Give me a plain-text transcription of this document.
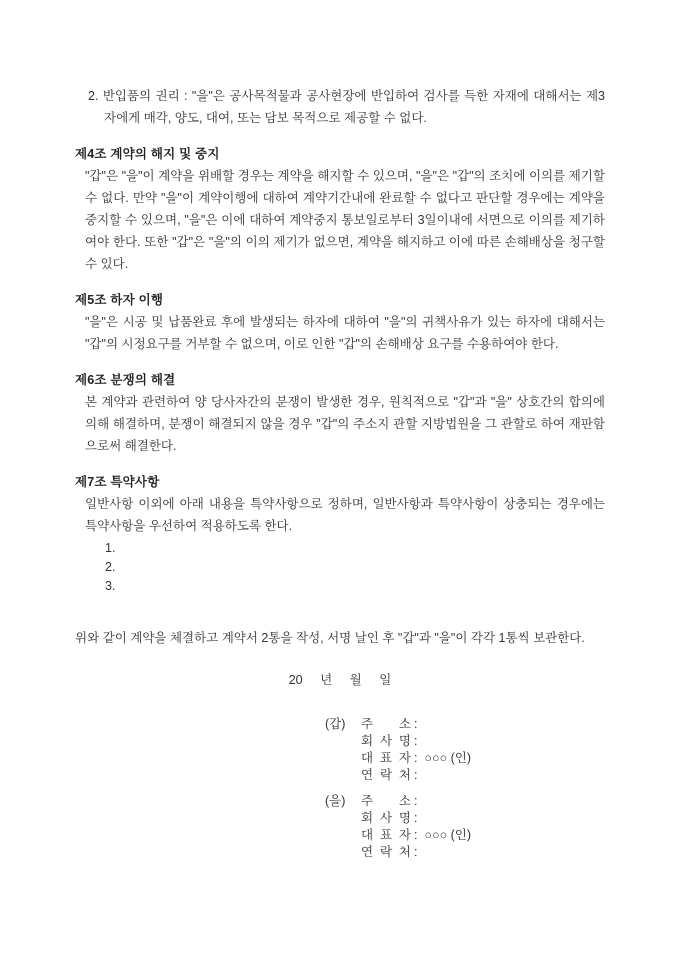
2. 반입품의 권리 : "을"은 공사목적물과 공사현장에 반입하여 검사를 득한 자재에 대해서는 제3자에게 매각, 양도, 대여, 또는 담보 목적으로 제공할 수 없다.

제4조 계약의 해지 및 중지
"갑"은 "을"이 계약을 위배할 경우는 계약을 해지할 수 있으며, "을"은 "갑"의 조치에 이의를 제기할 수 없다. 만약 "을"이 계약이행에 대하여 계약기간내에 완료할 수 없다고 판단할 경우에는 계약을 중지할 수 있으며, "을"은 이에 대하여 계약중지 통보일로부터 3일이내에 서면으로 이의를 제기하여야 한다. 또한 "갑"은 "을"의 이의 제기가 없으면, 계약을 해지하고 이에 따른 손해배상을 청구할 수 있다.
제5조 하자 이행
"을"은 시공 및 납품완료 후에 발생되는 하자에 대하여 "을"의 귀책사유가 있는 하자에 대해서는 "갑"의 시정요구를 거부할 수 없으며, 이로 인한 "갑"의 손해배상 요구를 수용하여야 한다.
제6조 분쟁의 해결
본 계약과 관련하여 양 당사자간의 분쟁이 발생한 경우, 원칙적으로 "갑"과 "을" 상호간의 합의에 의해 해결하며, 분쟁이 해결되지 않을 경우 "갑"의 주소지 관할 지방법원을 그 관할로 하여 재판함으로써 해결한다.
제7조 특약사항
일반사항 이외에 아래 내용을 특약사항으로 정하며, 일반사항과 특약사항이 상충되는 경우에는 특약사항을 우선하여 적용하도록 한다.
1.
2.
3.
위와 같이 계약을 체결하고 계약서 2통을 작성, 서명 날인 후 "갑"과 "을"이 각각 1통씩 보관한다.
20 년 월 일
(갑) 주 소 :
회 사 명 :
대 표 자 : ○○○ (인)
연 락 처 :
(을) 주 소 :
회 사 명 :
대 표 자 : ○○○ (인)
연 락 처 :
